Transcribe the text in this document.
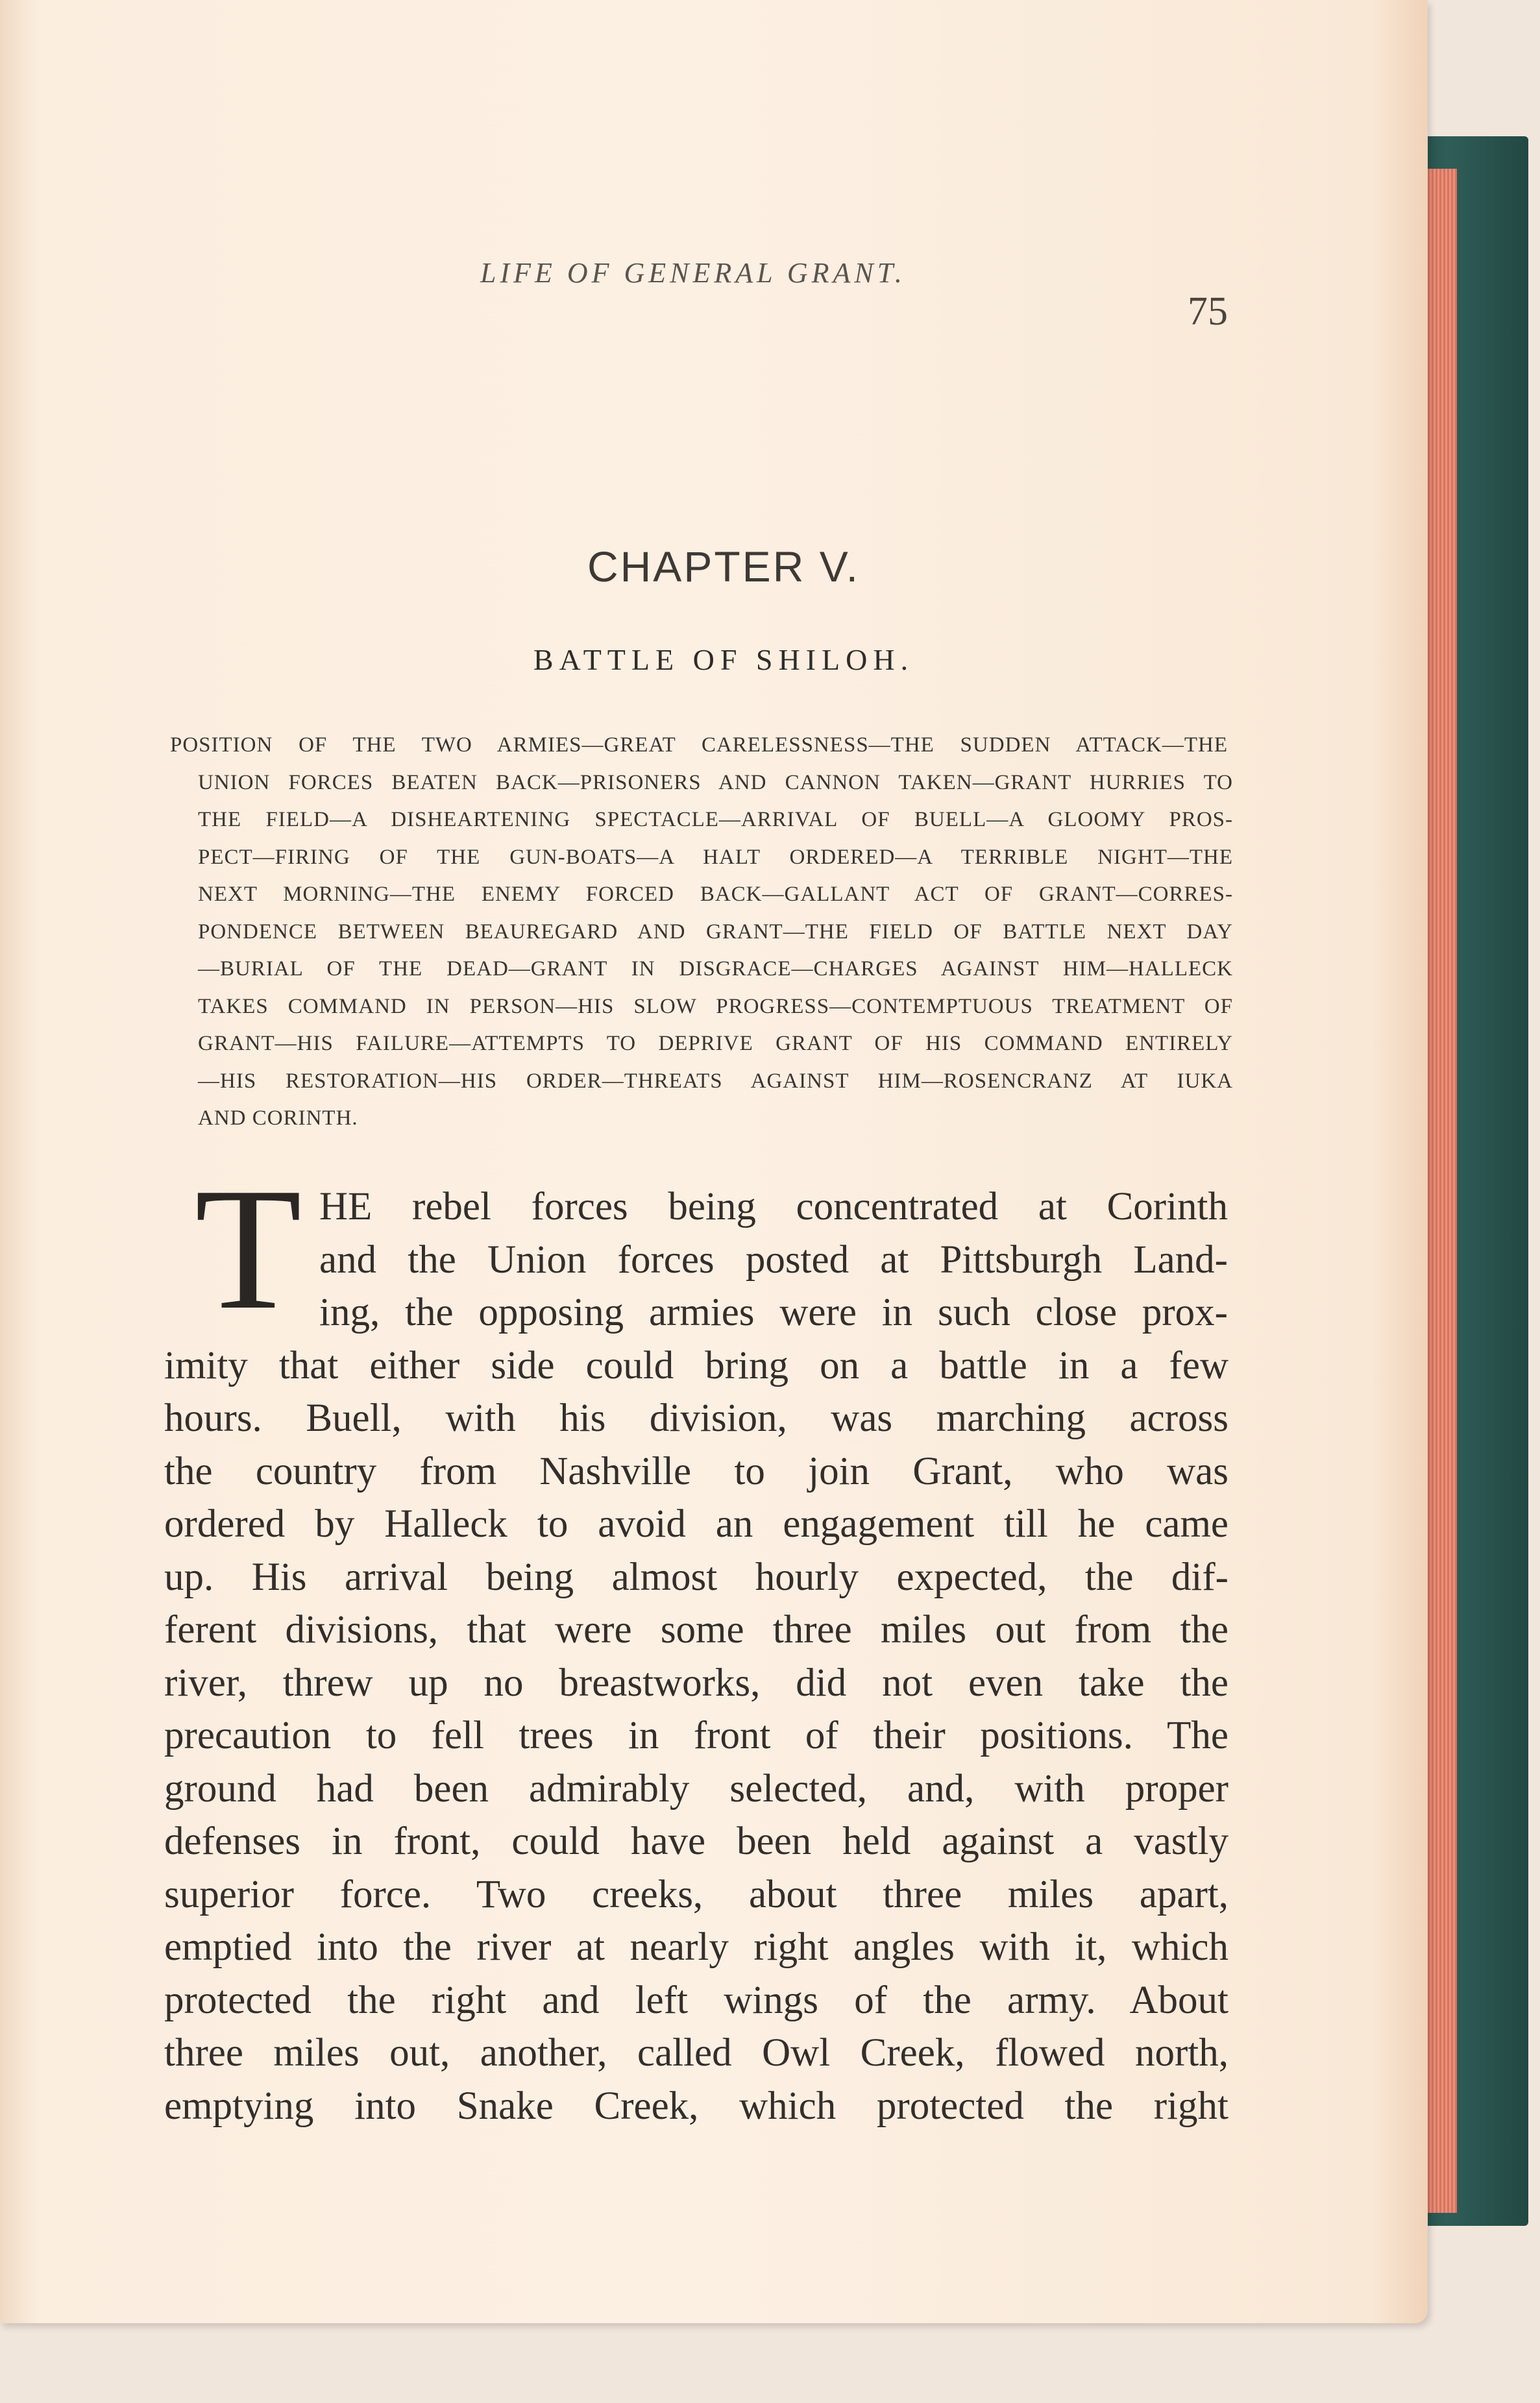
LIFE OF GENERAL GRANT.
75
CHAPTER V.
BATTLE OF SHILOH.
POSITION OF THE TWO ARMIES—GREAT CARELESSNESS—THE SUDDEN ATTACK—THE
UNION FORCES BEATEN BACK—PRISONERS AND CANNON TAKEN—GRANT HURRIES TO
THE FIELD—A DISHEARTENING SPECTACLE—ARRIVAL OF BUELL—A GLOOMY PROS-
PECT—FIRING OF THE GUN-BOATS—A HALT ORDERED—A TERRIBLE NIGHT—THE
NEXT MORNING—THE ENEMY FORCED BACK—GALLANT ACT OF GRANT—CORRES-
PONDENCE BETWEEN BEAUREGARD AND GRANT—THE FIELD OF BATTLE NEXT DAY
—BURIAL OF THE DEAD—GRANT IN DISGRACE—CHARGES AGAINST HIM—HALLECK
TAKES COMMAND IN PERSON—HIS SLOW PROGRESS—CONTEMPTUOUS TREATMENT OF
GRANT—HIS FAILURE—ATTEMPTS TO DEPRIVE GRANT OF HIS COMMAND ENTIRELY
—HIS RESTORATION—HIS ORDER—THREATS AGAINST HIM—ROSENCRANZ AT IUKA
AND CORINTH.
T HE rebel forces being concentrated at Corinth
and the Union forces posted at Pittsburgh Land-
ing, the opposing armies were in such close prox-
imity that either side could bring on a battle in a few
hours. Buell, with his division, was marching across
the country from Nashville to join Grant, who was
ordered by Halleck to avoid an engagement till he came
up. His arrival being almost hourly expected, the dif-
ferent divisions, that were some three miles out from the
river, threw up no breastworks, did not even take the
precaution to fell trees in front of their positions. The
ground had been admirably selected, and, with proper
defenses in front, could have been held against a vastly
superior force. Two creeks, about three miles apart,
emptied into the river at nearly right angles with it, which
protected the right and left wings of the army. About
three miles out, another, called Owl Creek, flowed north,
emptying into Snake Creek, which protected the right
